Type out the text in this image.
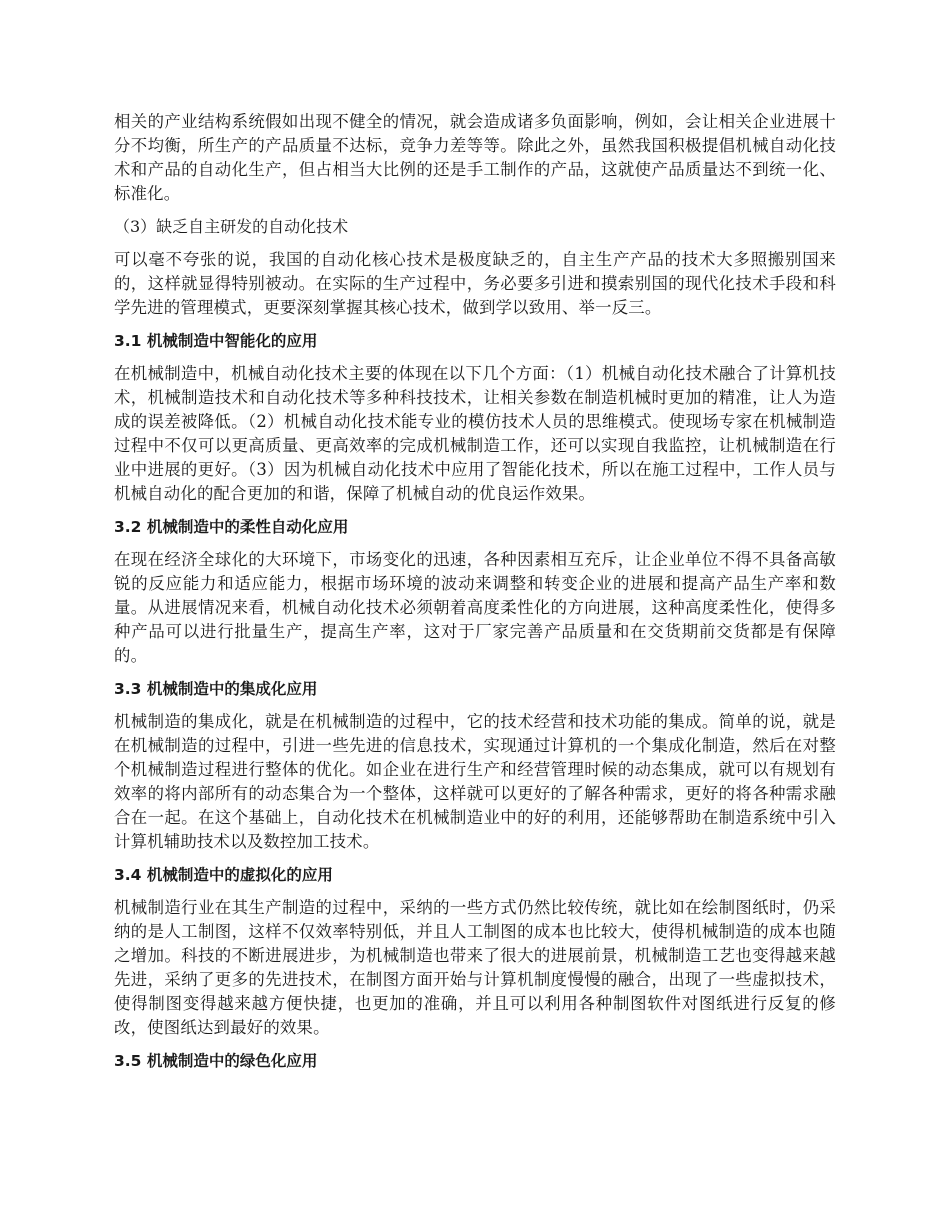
相关的产业结构系统假如出现不健全的情况，就会造成诸多负面影响，例如，会让相关企业进展十分不均衡，所生产的产品质量不达标，竞争力差等等。除此之外，虽然我国积极提倡机械自动化技术和产品的自动化生产，但占相当大比例的还是手工制作的产品，这就使产品质量达不到统一化、标准化。

（3）缺乏自主研发的自动化技术

可以毫不夸张的说，我国的自动化核心技术是极度缺乏的，自主生产产品的技术大多照搬别国来的，这样就显得特别被动。在实际的生产过程中，务必要多引进和摸索别国的现代化技术手段和科学先进的管理模式，更要深刻掌握其核心技术，做到学以致用、举一反三。

3.1 机械制造中智能化的应用

在机械制造中，机械自动化技术主要的体现在以下几个方面：（1）机械自动化技术融合了计算机技术，机械制造技术和自动化技术等多种科技技术，让相关参数在制造机械时更加的精准，让人为造成的误差被降低。（2）机械自动化技术能专业的模仿技术人员的思维模式。使现场专家在机械制造过程中不仅可以更高质量、更高效率的完成机械制造工作，还可以实现自我监控，让机械制造在行业中进展的更好。（3）因为机械自动化技术中应用了智能化技术，所以在施工过程中，工作人员与机械自动化的配合更加的和谐，保障了机械自动的优良运作效果。

3.2 机械制造中的柔性自动化应用

在现在经济全球化的大环境下，市场变化的迅速，各种因素相互充斥，让企业单位不得不具备高敏锐的反应能力和适应能力，根据市场环境的波动来调整和转变企业的进展和提高产品生产率和数量。从进展情况来看，机械自动化技术必须朝着高度柔性化的方向进展，这种高度柔性化，使得多种产品可以进行批量生产，提高生产率，这对于厂家完善产品质量和在交货期前交货都是有保障的。

3.3 机械制造中的集成化应用

机械制造的集成化，就是在机械制造的过程中，它的技术经营和技术功能的集成。简单的说，就是在机械制造的过程中，引进一些先进的信息技术，实现通过计算机的一个集成化制造，然后在对整个机械制造过程进行整体的优化。如企业在进行生产和经营管理时候的动态集成，就可以有规划有效率的将内部所有的动态集合为一个整体，这样就可以更好的了解各种需求，更好的将各种需求融合在一起。在这个基础上，自动化技术在机械制造业中的好的利用，还能够帮助在制造系统中引入计算机辅助技术以及数控加工技术。

3.4 机械制造中的虚拟化的应用

机械制造行业在其生产制造的过程中，采纳的一些方式仍然比较传统，就比如在绘制图纸时，仍采纳的是人工制图，这样不仅效率特别低，并且人工制图的成本也比较大，使得机械制造的成本也随之增加。科技的不断进展进步，为机械制造也带来了很大的进展前景，机械制造工艺也变得越来越先进，采纳了更多的先进技术，在制图方面开始与计算机制度慢慢的融合，出现了一些虚拟技术，使得制图变得越来越方便快捷，也更加的准确，并且可以利用各种制图软件对图纸进行反复的修改，使图纸达到最好的效果。

3.5 机械制造中的绿色化应用
